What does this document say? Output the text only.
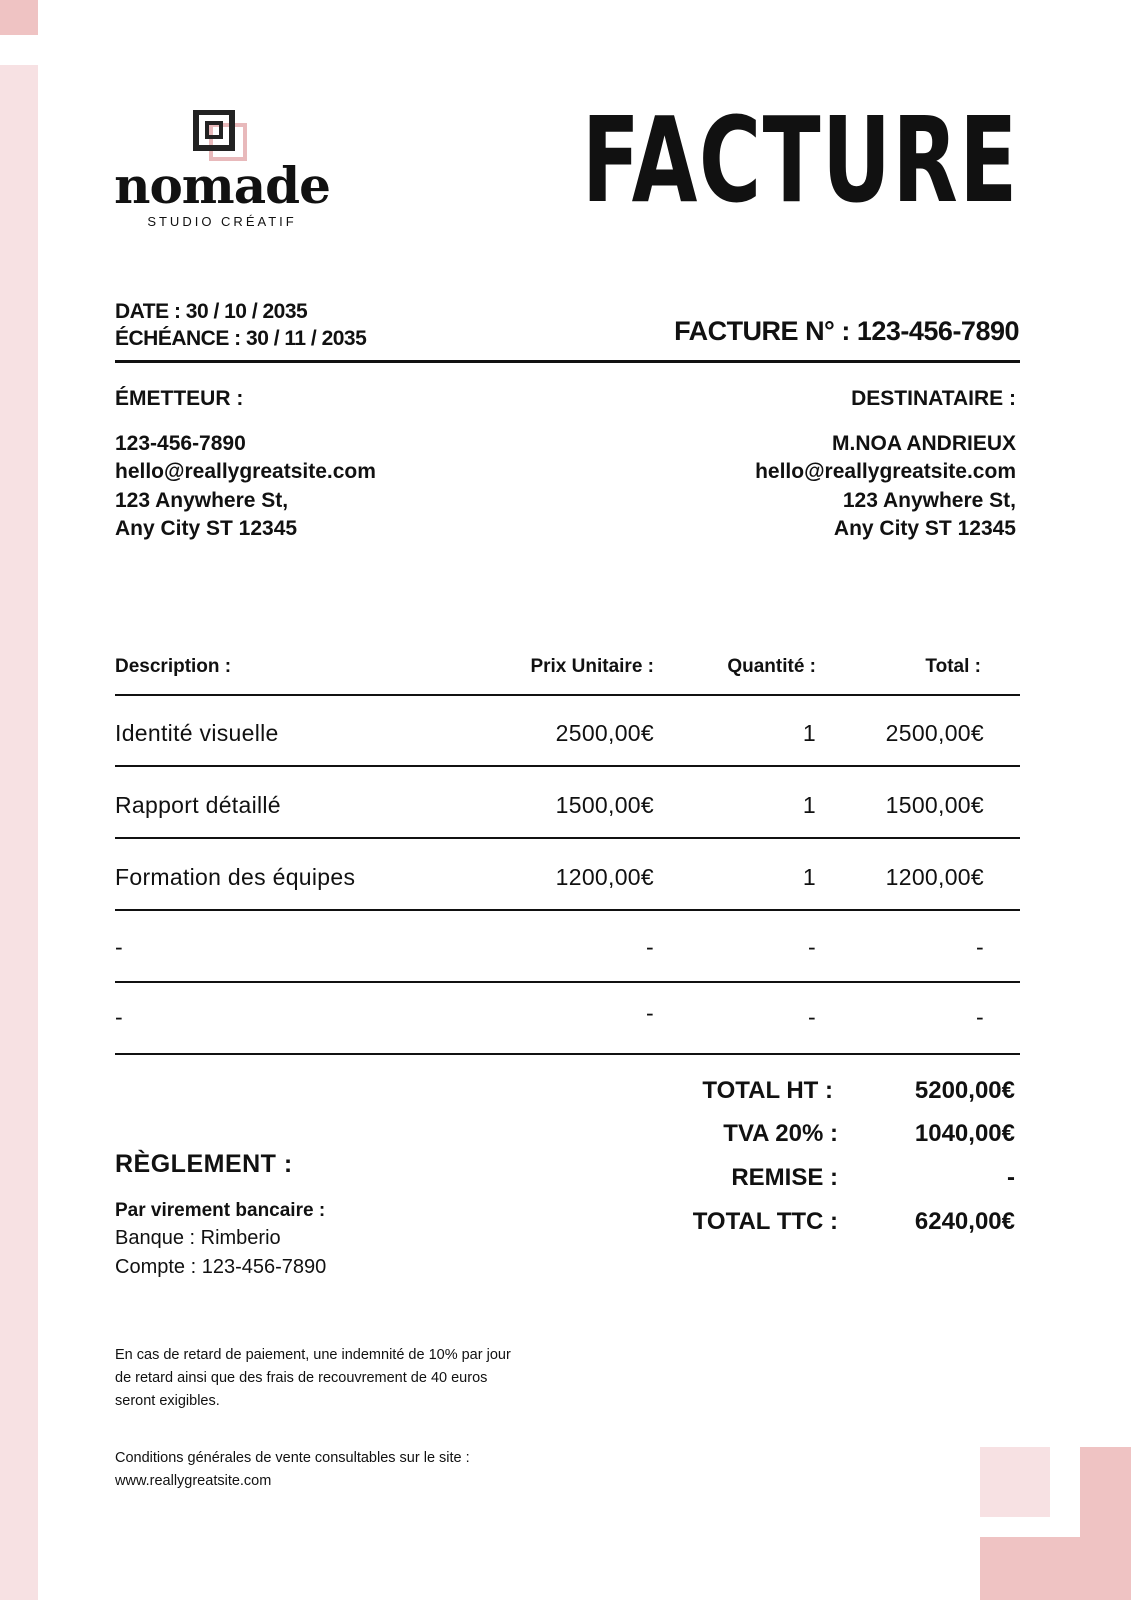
nomade
STUDIO CRÉATIF FACTURE
DATE : 30 / 10 / 2035
ÉCHÉANCE : 30 / 11 / 2035	FACTURE N° : 123-456-7890
ÉMETTEUR :
123-456-7890
hello@reallygreatsite.com
123 Anywhere St,
Any City ST 12345
DESTINATAIRE :
M.NOA ANDRIEUX
hello@reallygreatsite.com
123 Anywhere St,
Any City ST 12345
Description :	Prix Unitaire :	Quantité :	Total :
Identité visuelle	2500,00€	1	2500,00€
Rapport détaillé	1500,00€	1	1500,00€
Formation des équipes	1200,00€	1	1200,00€
-	-	-	-
-	-	-	-
TOTAL HT :	5200,00€
TVA 20% :	1040,00€
REMISE :	-
TOTAL TTC :	6240,00€
RÈGLEMENT :
Par virement bancaire :
Banque : Rimberio
Compte : 123-456-7890
En cas de retard de paiement, une indemnité de 10% par jour de retard ainsi que des frais de recouvrement de 40 euros seront exigibles.
Conditions générales de vente consultables sur le site : www.reallygreatsite.com
